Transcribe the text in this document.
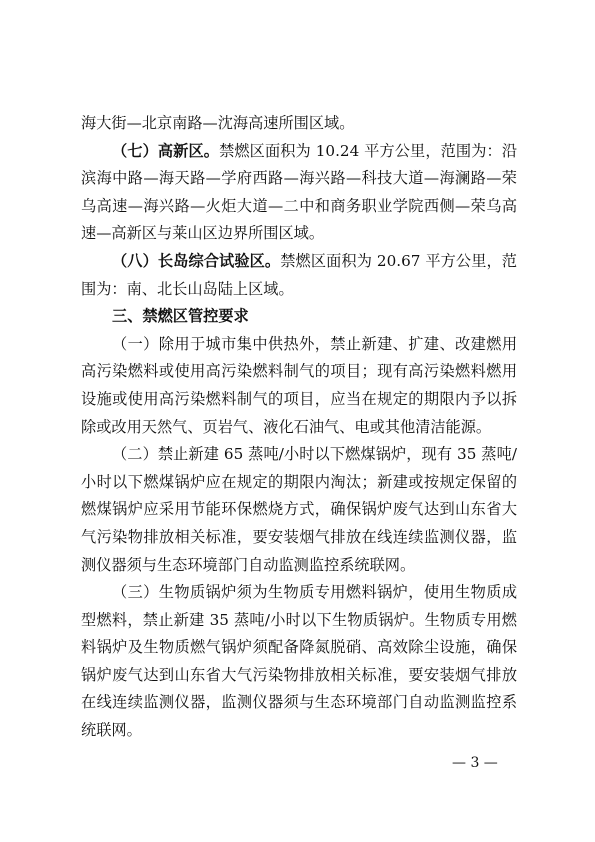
海大街—北京南路—沈海高速所围区域。

（七）高新区。禁燃区面积为 10.24 平方公里，范围为：沿滨海中路—海天路—学府西路—海兴路—科技大道—海澜路—荣乌高速—海兴路—火炬大道—二中和商务职业学院西侧—荣乌高速—高新区与莱山区边界所围区域。

（八）长岛综合试验区。禁燃区面积为 20.67 平方公里，范围为：南、北长山岛陆上区域。

三、禁燃区管控要求

（一）除用于城市集中供热外，禁止新建、扩建、改建燃用高污染燃料或使用高污染燃料制气的项目；现有高污染燃料燃用设施或使用高污染燃料制气的项目，应当在规定的期限内予以拆除或改用天然气、页岩气、液化石油气、电或其他清洁能源。

（二）禁止新建 65 蒸吨/小时以下燃煤锅炉，现有 35 蒸吨/小时以下燃煤锅炉应在规定的期限内淘汰；新建或按规定保留的燃煤锅炉应采用节能环保燃烧方式，确保锅炉废气达到山东省大气污染物排放相关标准，要安装烟气排放在线连续监测仪器，监测仪器须与生态环境部门自动监测监控系统联网。

（三）生物质锅炉须为生物质专用燃料锅炉，使用生物质成型燃料，禁止新建 35 蒸吨/小时以下生物质锅炉。生物质专用燃料锅炉及生物质燃气锅炉须配备降氮脱硝、高效除尘设施，确保锅炉废气达到山东省大气污染物排放相关标准，要安装烟气排放在线连续监测仪器，监测仪器须与生态环境部门自动监测监控系统联网。

— 3 —
